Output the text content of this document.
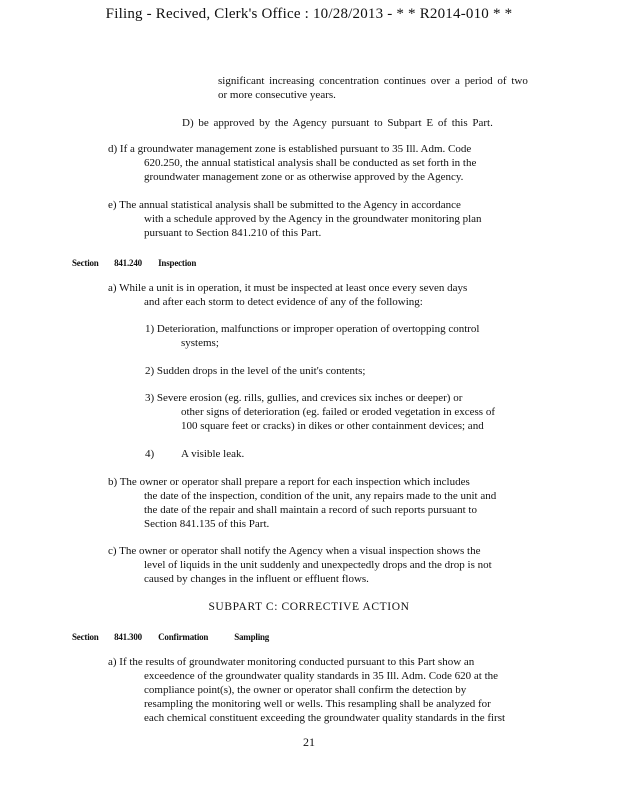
Filing - Recived, Clerk's Office : 10/28/2013 - * * R2014-010 * *
significant increasing concentration continues over a period of two
or more consecutive years.
D) be approved by the Agency pursuant to Subpart E of this Part.
d) If a groundwater management zone is established pursuant to 35 Ill. Adm. Code
620.250, the annual statistical analysis shall be conducted as set forth in the
groundwater management zone or as otherwise approved by the Agency.
e) The annual statistical analysis shall be submitted to the Agency in accordance
with a schedule approved by the Agency in the groundwater monitoring plan
pursuant to Section 841.210 of this Part.
Section 841.240 Inspection
a) While a unit is in operation, it must be inspected at least once every seven days
and after each storm to detect evidence of any of the following:
1) Deterioration, malfunctions or improper operation of overtopping control
systems;
2) Sudden drops in the level of the unit's contents;
3) Severe erosion (eg. rills, gullies, and crevices six inches or deeper) or
other signs of deterioration (eg. failed or eroded vegetation in excess of
100 square feet or cracks) in dikes or other containment devices; and
4) A visible leak.
b) The owner or operator shall prepare a report for each inspection which includes
the date of the inspection, condition of the unit, any repairs made to the unit and
the date of the repair and shall maintain a record of such reports pursuant to
Section 841.135 of this Part.
c) The owner or operator shall notify the Agency when a visual inspection shows the
level of liquids in the unit suddenly and unexpectedly drops and the drop is not
caused by changes in the influent or effluent flows.
SUBPART C: CORRECTIVE ACTION
Section 841.300 Confirmation	Sampling
a) If the results of groundwater monitoring conducted pursuant to this Part show an
exceedence of the groundwater quality standards in 35 Ill. Adm. Code 620 at the
compliance point(s), the owner or operator shall confirm the detection by
resampling the monitoring well or wells. This resampling shall be analyzed for
each chemical constituent exceeding the groundwater quality standards in the first
21
